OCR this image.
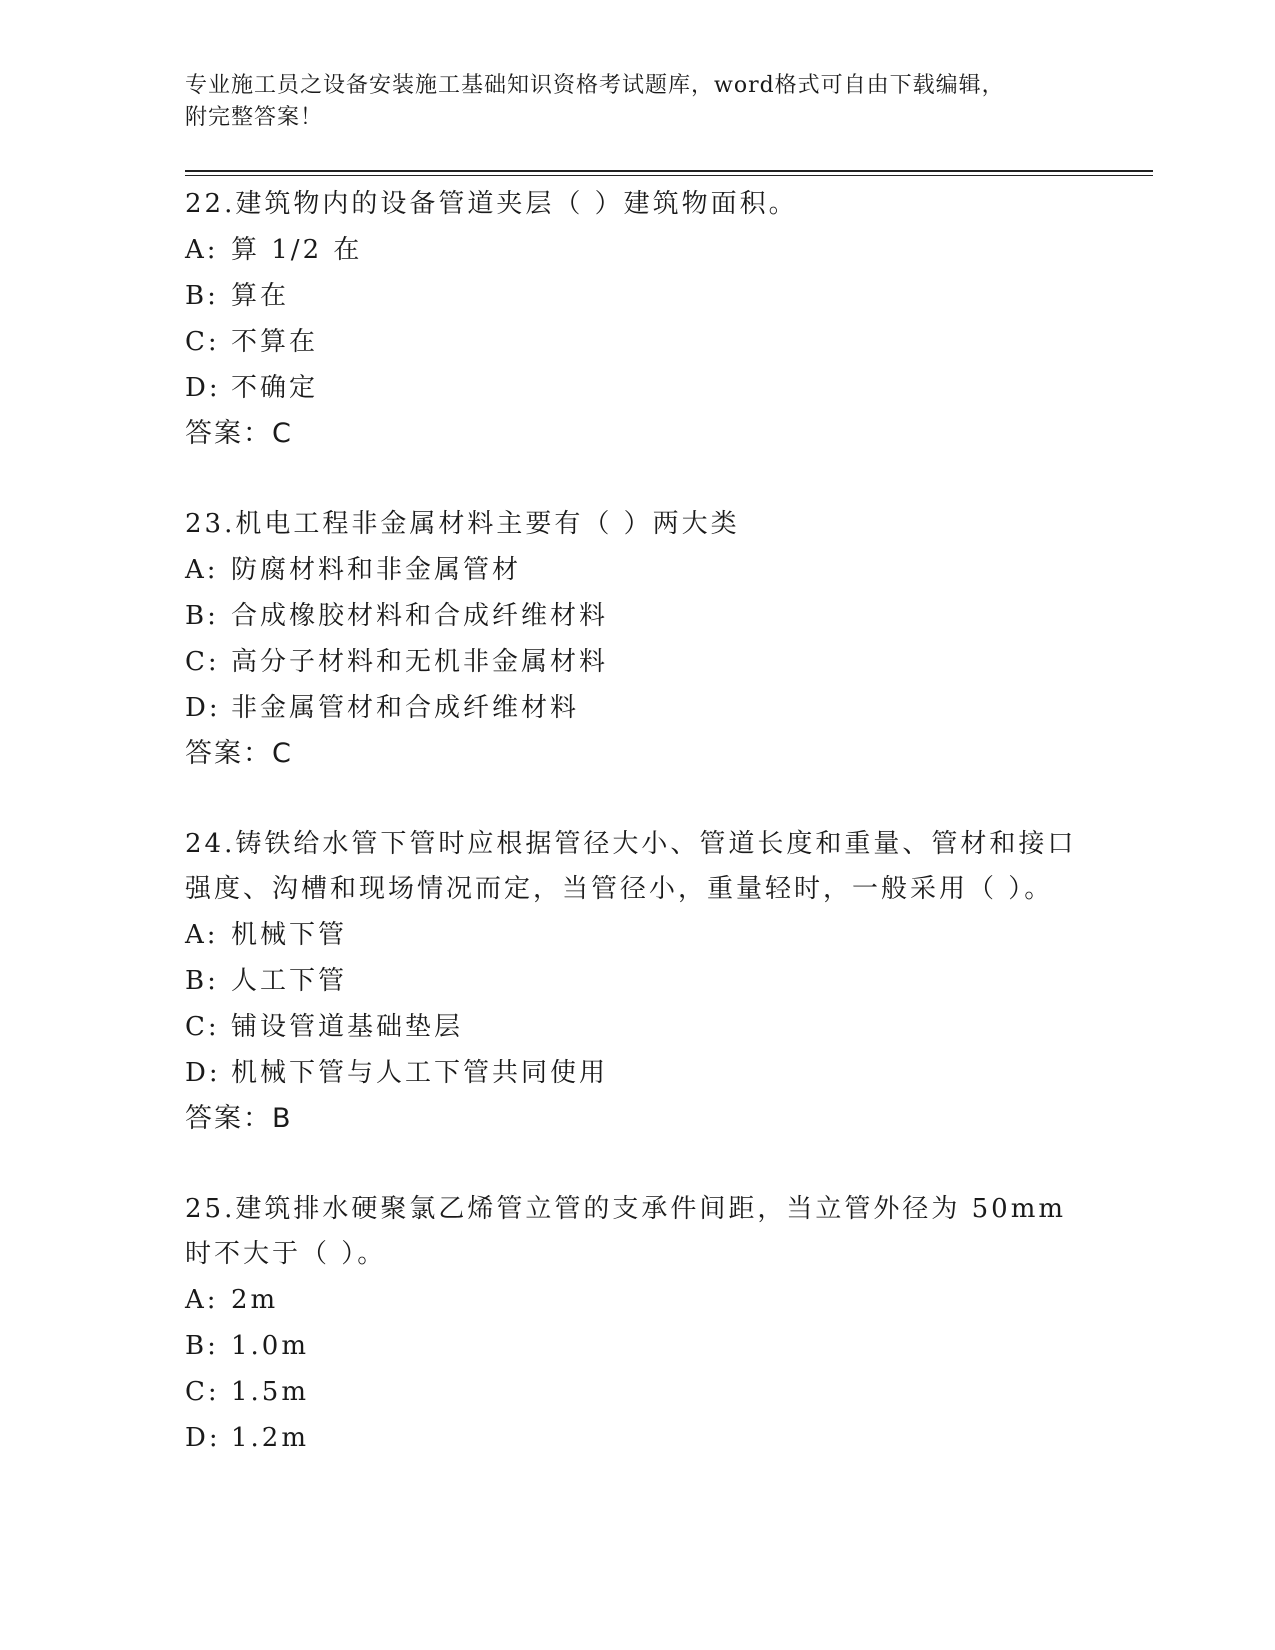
专业施工员之设备安装施工基础知识资格考试题库，word格式可自由下载编辑，
附完整答案！

22.建筑物内的设备管道夹层（ ）建筑物面积。

A: 算 1/2 在

B: 算在

C: 不算在

D: 不确定

答案：C

23.机电工程非金属材料主要有（ ）两大类

A: 防腐材料和非金属管材

B: 合成橡胶材料和合成纤维材料

C: 高分子材料和无机非金属材料

D: 非金属管材和合成纤维材料

答案：C

24.铸铁给水管下管时应根据管径大小、管道长度和重量、管材和接口强度、沟槽和现场情况而定，当管径小，重量轻时，一般采用（ ）。

A: 机械下管

B: 人工下管

C: 铺设管道基础垫层

D: 机械下管与人工下管共同使用

答案：B

25.建筑排水硬聚氯乙烯管立管的支承件间距，当立管外径为 50mm 时不大于（ ）。

A: 2m

B: 1.0m

C: 1.5m

D: 1.2m
